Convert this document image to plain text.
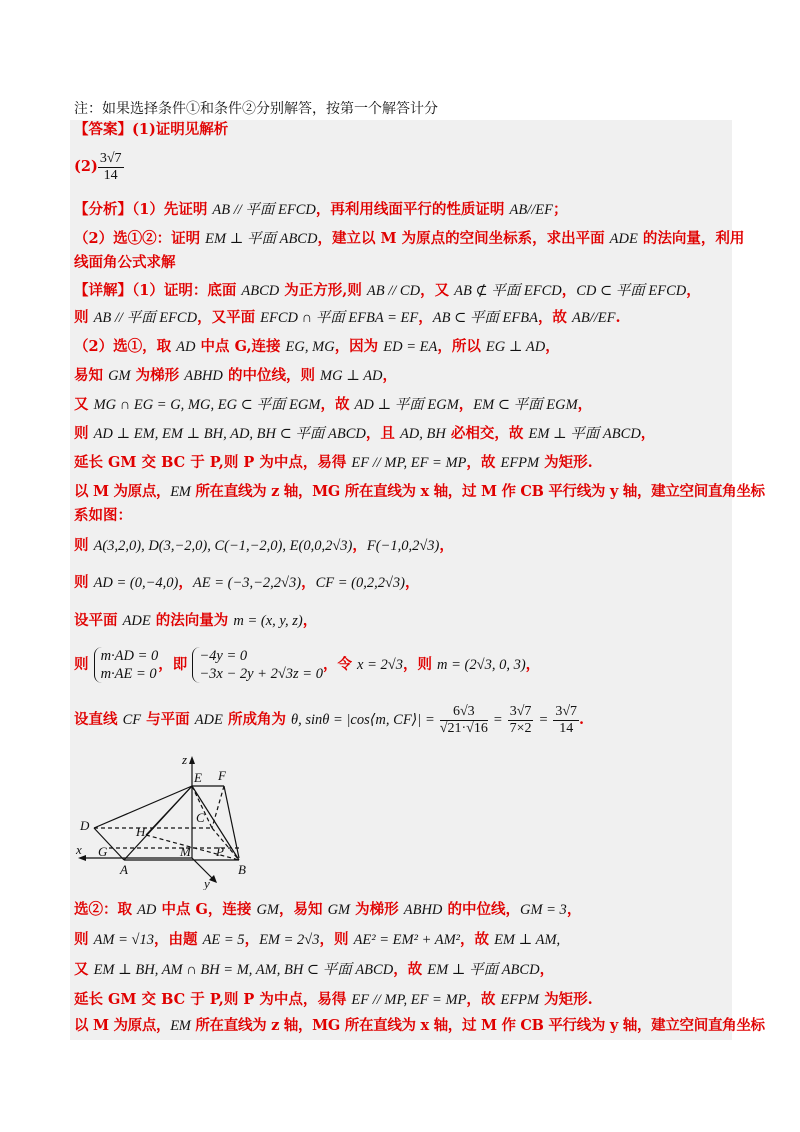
注：如果选择条件①和条件②分别解答，按第一个解答计分
【答案】(1)证明见解析
$(2) \frac{3√7}{14}$
【分析】（1）先证明 AB // 平面 EFCD，再利用线面平行的性质证明 AB//EF；
（2）选①②：证明 EM ⊥ 平面 ABCD，建立以 M 为原点的空间坐标系，求出平面 ADE 的法向量，利用
线面角公式求解
【详解】（1）证明：底面 ABCD 为正方形,则 AB // CD，又 AB ⊄ 平面 EFCD，CD ⊂ 平面 EFCD，
则 AB // 平面 EFCD，又平面 EFCD ∩ 平面 EFBA = EF，AB ⊂ 平面 EFBA，故 AB//EF.
（2）选①，取 AD 中点 G,连接 EG, MG，因为 ED = EA，所以 EG ⊥ AD，
易知 GM 为梯形 ABHD 的中位线，则 MG ⊥ AD，
又 MG ∩ EG = G, MG, EG ⊂ 平面 EGM，故 AD ⊥ 平面 EGM，EM ⊂ 平面 EGM，
则 AD ⊥ EM, EM ⊥ BH, AD, BH ⊂ 平面 ABCD，且 AD, BH 必相交，故 EM ⊥ 平面 ABCD，
延长 GM 交 BC 于 P,则 P 为中点，易得 EF // MP, EF = MP，故 EFPM 为矩形.
以 M 为原点，EM 所在直线为 z 轴，MG 所在直线为 x 轴，过 M 作 CB 平行线为 y 轴，建立空间直角坐标
系如图：
则 A(3,2,0), D(3,−2,0), C(−1,−2,0), E(0,0,2√3)，F(−1,0,2√3)，
则 AD = (0,−4,0)，AE = (−3,−2,2√3)，CF = (0,2,2√3)，
设平面 ADE 的法向量为 m = (x, y, z)，
则 m·AD = 0
m·AE = 0
，即 −4y = 0
−3x − 2y + 2√3z = 0
，令 x = 2√3，则 m = (2√3, 0, 3)，
设直线 CF 与平面 ADE 所成角为 θ, sinθ = |cos⟨m, CF⟩| = $\frac{6√3}{√21\cdot√16} = \frac{3√7}{7\times 2} = \frac{3√7}{14}$ .
z
E F
D	H
C
x G	M P
B
A
y
选②：取 AD 中点 G，连接 GM，易知 GM 为梯形 ABHD 的中位线，GM = 3，
则 AM = √13，由题 AE = 5，EM = 2√3，则 AE² = EM² + AM²，故 EM ⊥ AM,
又 EM ⊥ BH, AM ∩ BH = M, AM, BH ⊂ 平面 ABCD，故 EM ⊥ 平面 ABCD，
延长 GM 交 BC 于 P,则 P 为中点，易得 EF // MP, EF = MP，故 EFPM 为矩形.
以 M 为原点，EM 所在直线为 z 轴，MG 所在直线为 x 轴，过 M 作 CB 平行线为 y 轴，建立空间直角坐标
